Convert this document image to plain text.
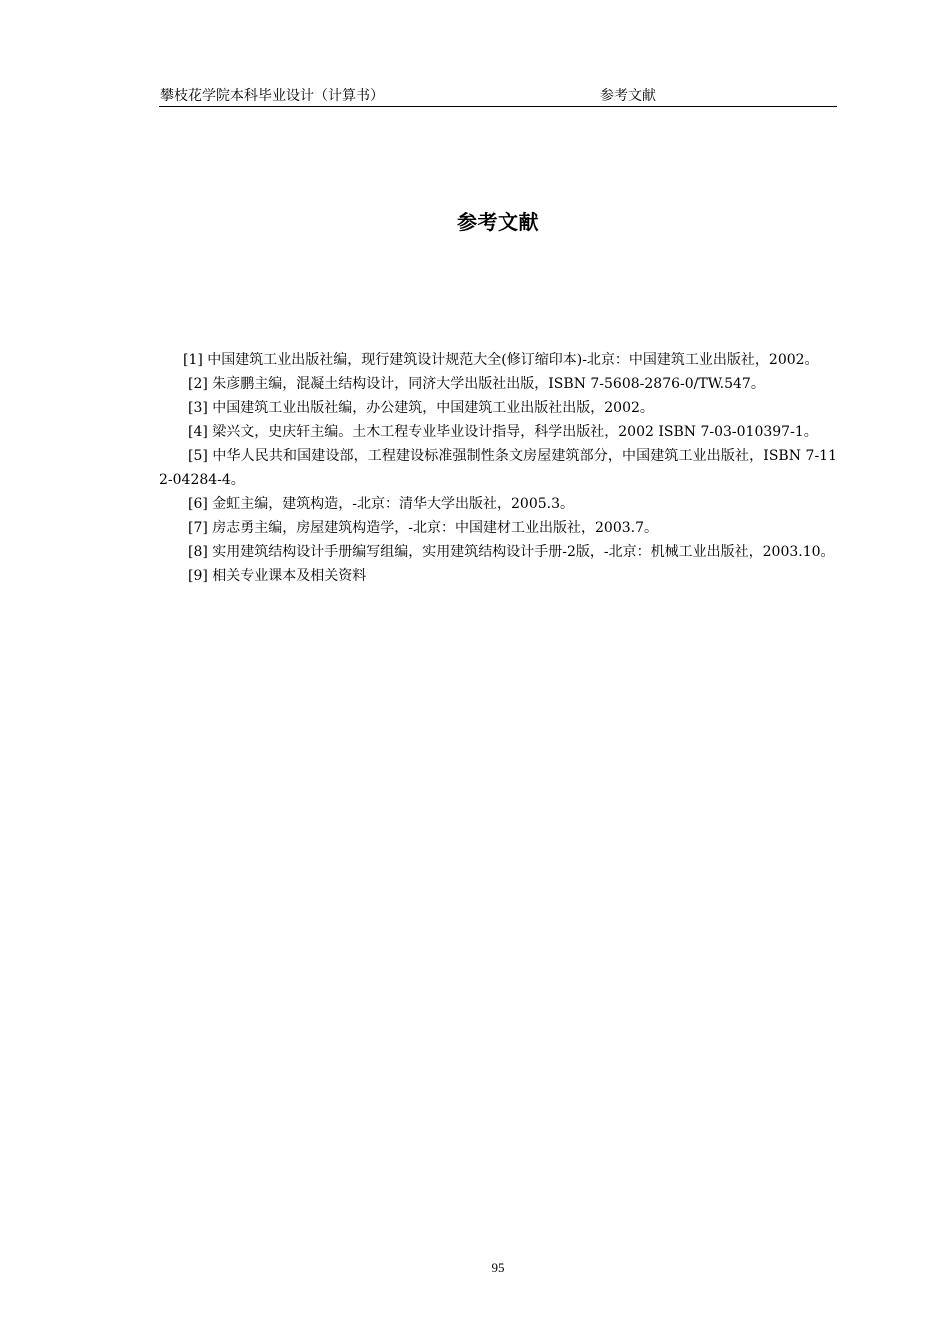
攀枝花学院本科毕业设计（计算书）	参考文献
参考文献

[1] 中国建筑工业出版社编，现行建筑设计规范大全(修订缩印本)-北京：中国建筑工业出版社，2002。

[2] 朱彦鹏主编，混凝土结构设计，同济大学出版社出版，ISBN 7-5608-2876-0/TW.547。

[3] 中国建筑工业出版社编，办公建筑，中国建筑工业出版社出版，2002。

[4] 梁兴文，史庆轩主编。土木工程专业毕业设计指导，科学出版社，2002 ISBN 7-03-010397-1。

[5] 中华人民共和国建设部，工程建设标准强制性条文房屋建筑部分，中国建筑工业出版社，ISBN 7-112-04284-4。

[6] 金虹主编，建筑构造，-北京：清华大学出版社，2005.3。

[7] 房志勇主编，房屋建筑构造学，-北京：中国建材工业出版社，2003.7。

[8] 实用建筑结构设计手册编写组编，实用建筑结构设计手册-2版，-北京：机械工业出版社，2003.10。

[9] 相关专业课本及相关资料

95
